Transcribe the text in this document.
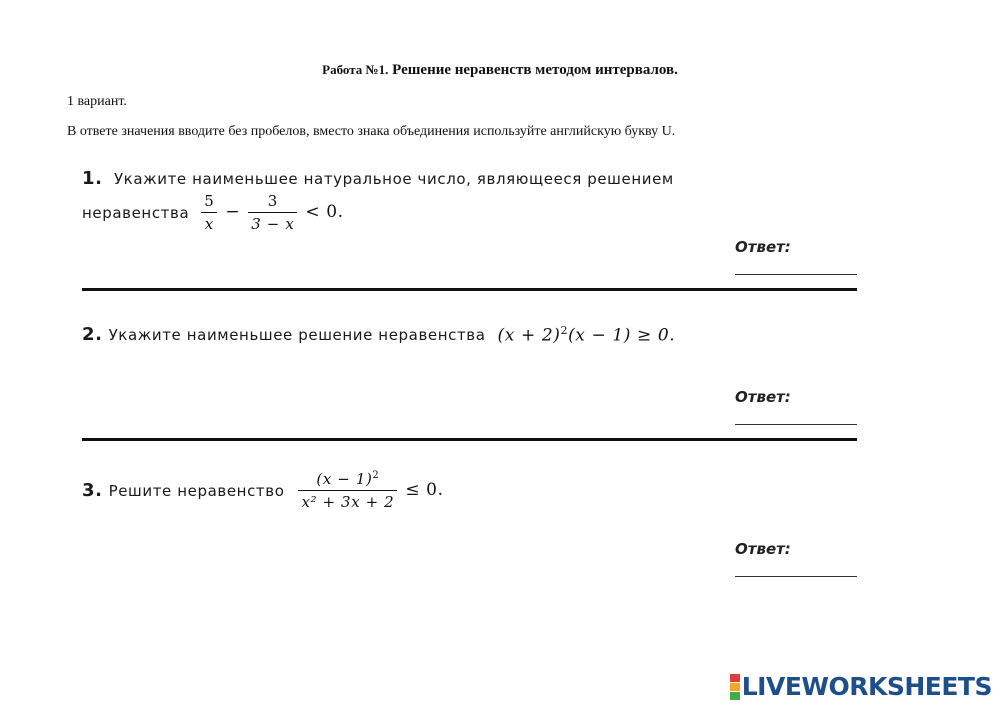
Работа №1. Решение неравенств методом интервалов.
1 вариант.
В ответе значения вводите без пробелов, вместо знака объединения используйте английскую букву U.
1. Укажите наименьшее натуральное число, являющееся решением
неравенства $\frac{5}{x} - \frac{3}{3 - x} < 0$.
Ответ:
2. Укажите наименьшее решение неравенства $(x + 2)^2(x - 1) \ge 0$.
Ответ:
3. Решите неравенство $\frac{(x - 1)^2}{\text{x² + 3x + 2}} \le 0$.
Ответ:
LIVEWORKSHEETS
